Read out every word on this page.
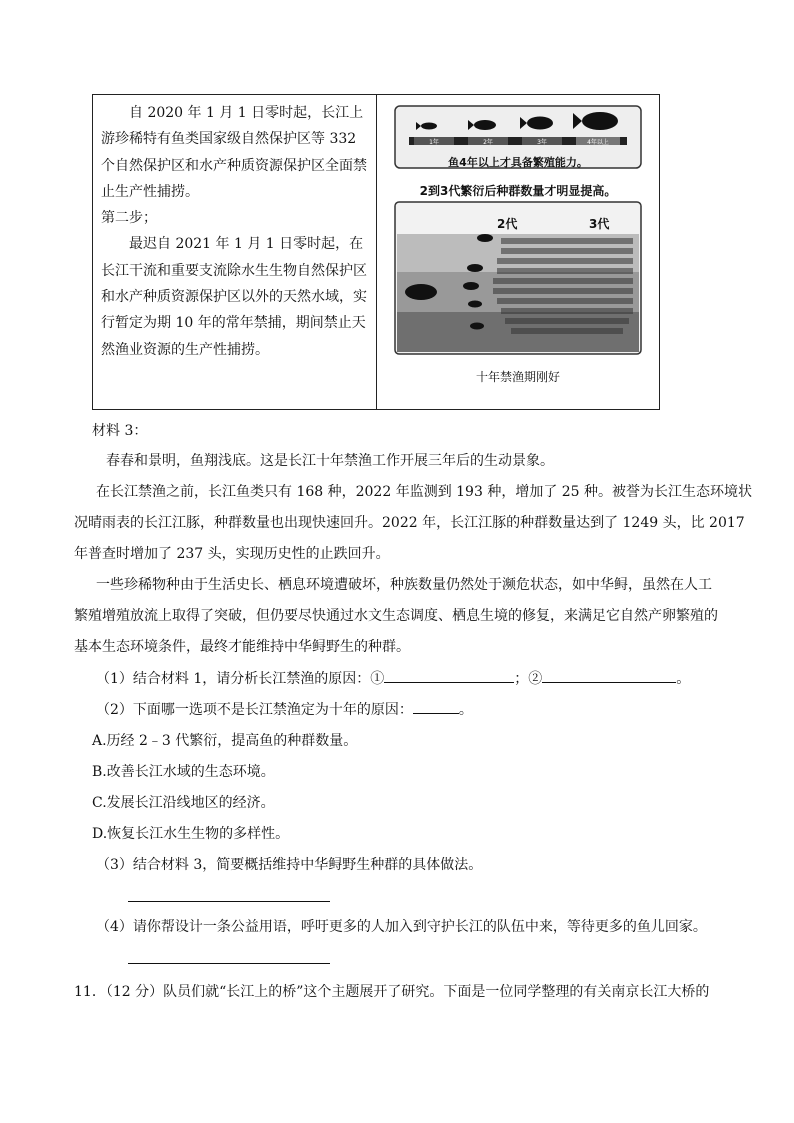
自 2020 年 1 月 1 日零时起，长江上游珍稀特有鱼类国家级自然保护区等 332 个自然保护区和水产种质资源保护区全面禁止生产性捕捞。

第二步；

最迟自 2021 年 1 月 1 日零时起，在长江干流和重要支流除水生生物自然保护区和水产种质资源保护区以外的天然水域，实行暂定为期 10 年的常年禁捕，期间禁止天然渔业资源的生产性捕捞。

1年	2年	3年	4年以上
鱼4年以上才具备繁殖能力。
2到3代繁衍后种群数量才明显提高。
2代	3代
十年禁渔期刚好
材料 3：
春春和景明，鱼翔浅底。这是长江十年禁渔工作开展三年后的生动景象。
在长江禁渔之前，长江鱼类只有 168 种，2022 年监测到 193 种，增加了 25 种。被誉为长江生态环境状
况晴雨表的长江江豚，种群数量也出现快速回升。2022 年，长江江豚的种群数量达到了 1249 头，比 2017
年普查时增加了 237 头，实现历史性的止跌回升。
一些珍稀物种由于生活史长、栖息环境遭破坏，种族数量仍然处于濒危状态，如中华鲟，虽然在人工
繁殖增殖放流上取得了突破，但仍要尽快通过水文生态调度、栖息生境的修复，来满足它自然产卵繁殖的
基本生态环境条件，最终才能维持中华鲟野生的种群。
（1）结合材料 1，请分析长江禁渔的原因：①	；②	。
（2）下面哪一选项不是长江禁渔定为十年的原因：	。
A.历经 2﹣3 代繁衍，提高鱼的种群数量。
B.改善长江水域的生态环境。
C.发展长江沿线地区的经济。
D.恢复长江水生生物的多样性。
（3）结合材料 3，简要概括维持中华鲟野生种群的具体做法。
（4）请你帮设计一条公益用语，呼吁更多的人加入到守护长江的队伍中来，等待更多的鱼儿回家。
11．（12 分）队员们就“长江上的桥”这个主题展开了研究。下面是一位同学整理的有关南京长江大桥的
